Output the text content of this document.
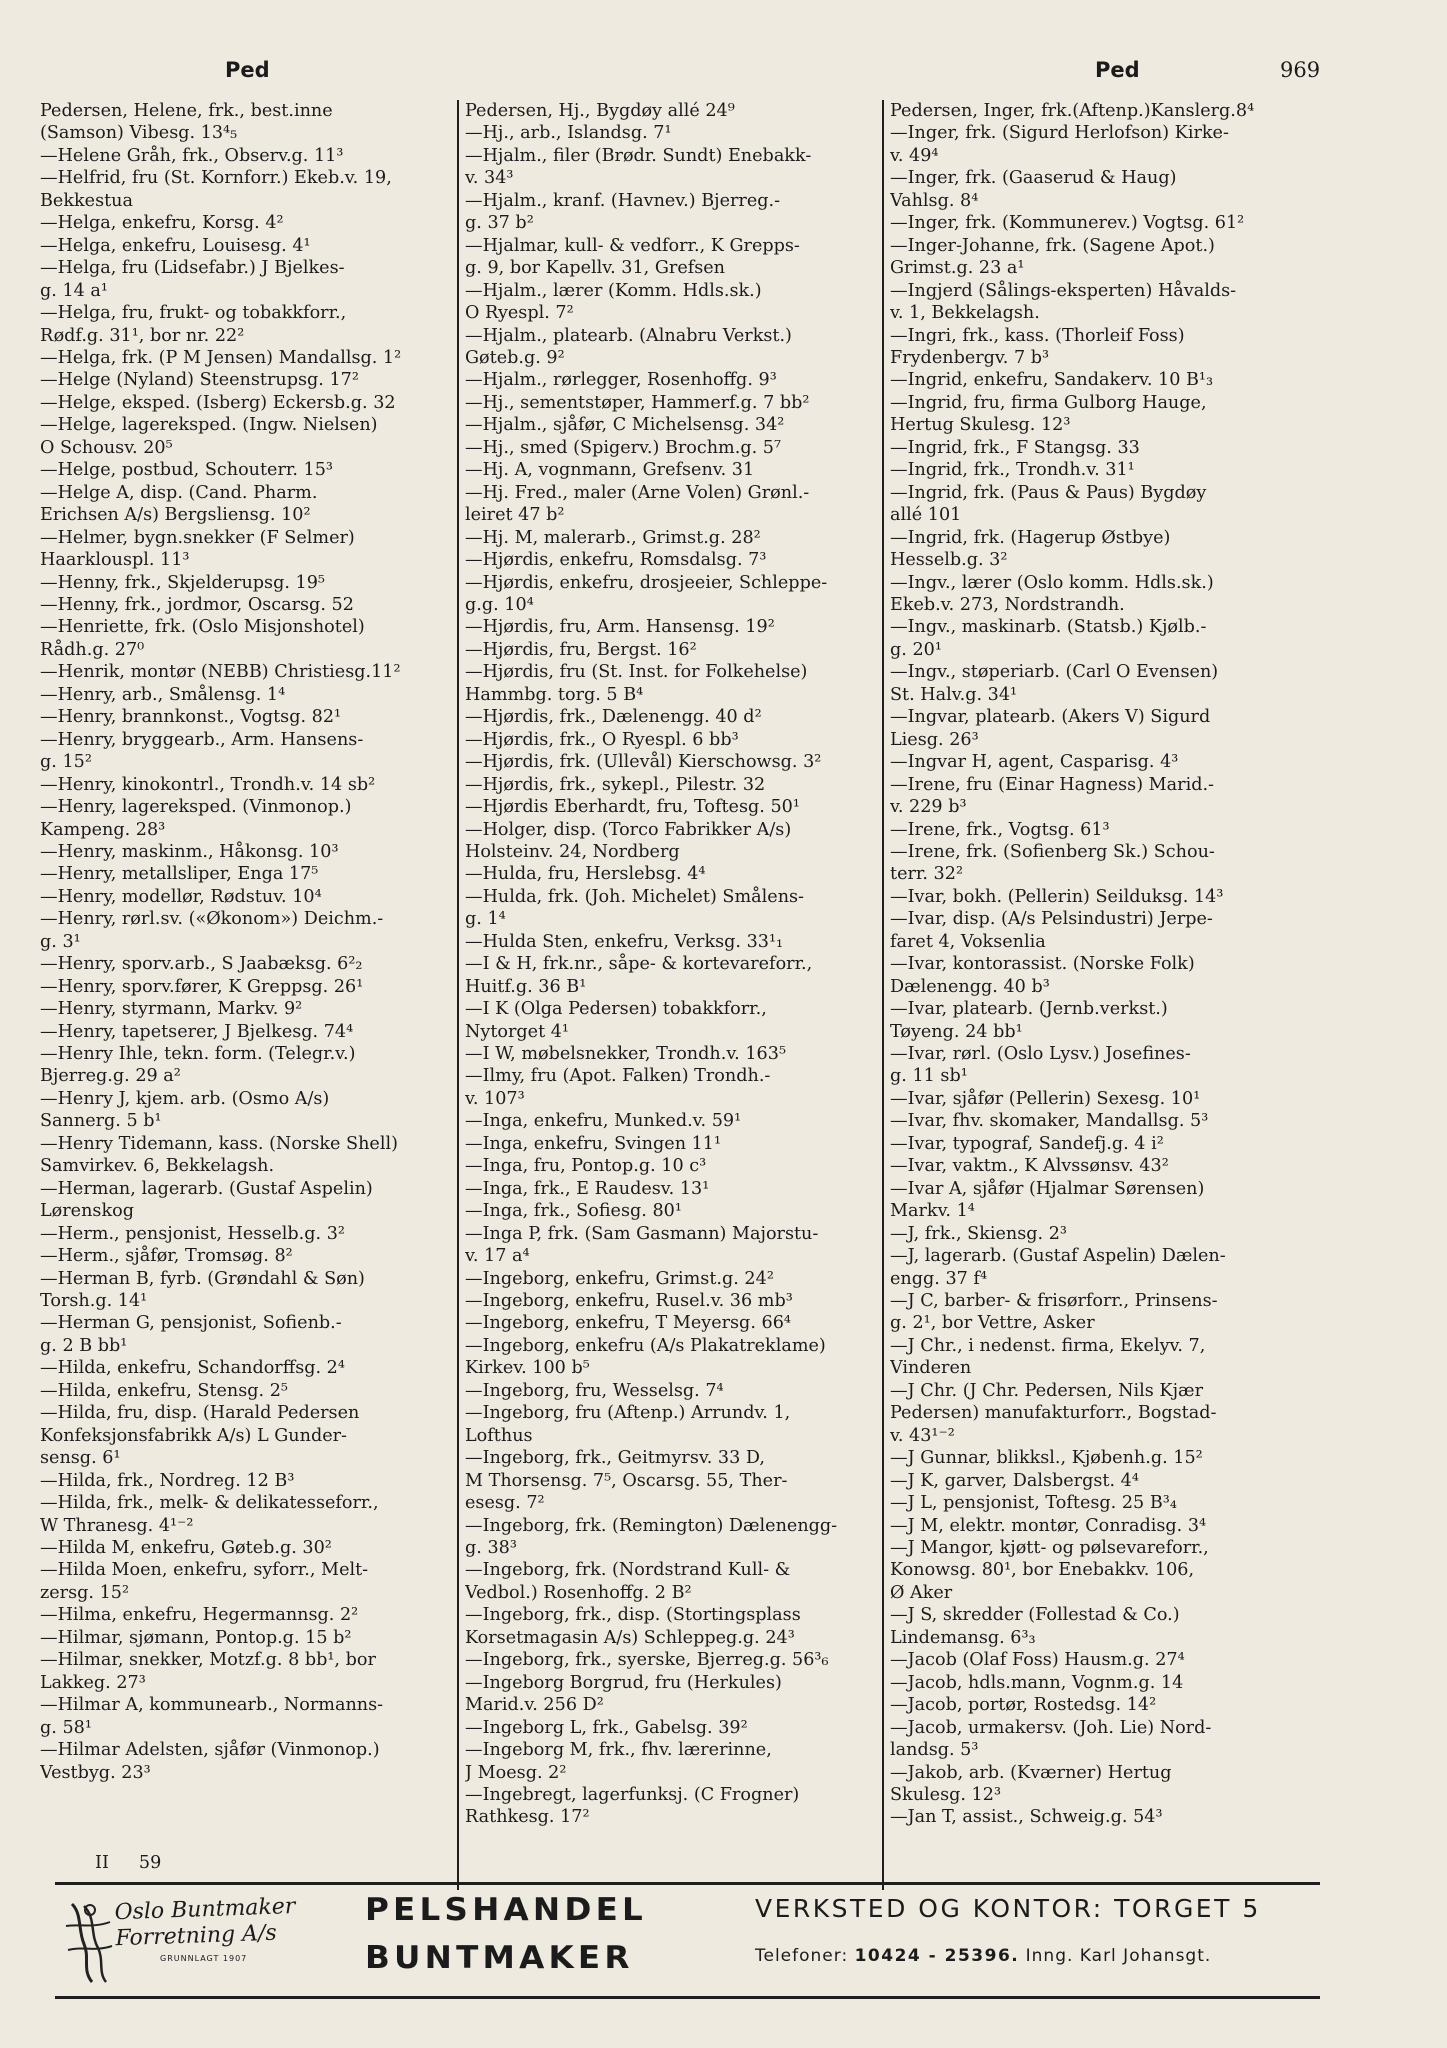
Ped	Ped	969
Pedersen, Helene, frk., best.inne
(Samson) Vibesg. 13⁴₅
—Helene Gråh, frk., Observ.g. 11³
—Helfrid, fru (St. Kornforr.) Ekeb.v. 19,
Bekkestua
—Helga, enkefru, Korsg. 4²
—Helga, enkefru, Louisesg. 4¹
—Helga, fru (Lidsefabr.) J Bjelkes-
g. 14 a¹
—Helga, fru, frukt- og tobakkforr.,
Rødf.g. 31¹, bor nr. 22²
—Helga, frk. (P M Jensen) Mandallsg. 1²
—Helge (Nyland) Steenstrupsg. 17²
—Helge, eksped. (Isberg) Eckersb.g. 32
—Helge, lagereksped. (Ingw. Nielsen)
O Schousv. 20⁵
—Helge, postbud, Schouterr. 15³
—Helge A, disp. (Cand. Pharm.
Erichsen A/s) Bergsliensg. 10²
—Helmer, bygn.snekker (F Selmer)
Haarklouspl. 11³
—Henny, frk., Skjelderupsg. 19⁵
—Henny, frk., jordmor, Oscarsg. 52
—Henriette, frk. (Oslo Misjonshotel)
Rådh.g. 27⁰
—Henrik, montør (NEBB) Christiesg.11²
—Henry, arb., Smålensg. 1⁴
—Henry, brannkonst., Vogtsg. 82¹
—Henry, bryggearb., Arm. Hansens-
g. 15²
—Henry, kinokontrl., Trondh.v. 14 sb²
—Henry, lagereksped. (Vinmonop.)
Kampeng. 28³
—Henry, maskinm., Håkonsg. 10³
—Henry, metallsliper, Enga 17⁵
—Henry, modellør, Rødstuv. 10⁴
—Henry, rørl.sv. («Økonom») Deichm.-
g. 3¹
—Henry, sporv.arb., S Jaabæksg. 6²₂
—Henry, sporv.fører, K Greppsg. 26¹
—Henry, styrmann, Markv. 9²
—Henry, tapetserer, J Bjelkesg. 74⁴
—Henry Ihle, tekn. form. (Telegr.v.)
Bjerreg.g. 29 a²
—Henry J, kjem. arb. (Osmo A/s)
Sannerg. 5 b¹
—Henry Tidemann, kass. (Norske Shell)
Samvirkev. 6, Bekkelagsh.
—Herman, lagerarb. (Gustaf Aspelin)
Lørenskog
—Herm., pensjonist, Hesselb.g. 3²
—Herm., sjåfør, Tromsøg. 8²
—Herman B, fyrb. (Grøndahl & Søn)
Torsh.g. 14¹
—Herman G, pensjonist, Sofienb.-
g. 2 B bb¹
—Hilda, enkefru, Schandorffsg. 2⁴
—Hilda, enkefru, Stensg. 2⁵
—Hilda, fru, disp. (Harald Pedersen
Konfeksjonsfabrikk A/s) L Gunder-
sensg. 6¹
—Hilda, frk., Nordreg. 12 B³
—Hilda, frk., melk- & delikatesseforr.,
W Thranesg. 4¹⁻²
—Hilda M, enkefru, Gøteb.g. 30²
—Hilda Moen, enkefru, syforr., Melt-
zersg. 15²
—Hilma, enkefru, Hegermannsg. 2²
—Hilmar, sjømann, Pontop.g. 15 b²
—Hilmar, snekker, Motzf.g. 8 bb¹, bor
Lakkeg. 27³
—Hilmar A, kommunearb., Normanns-
g. 58¹
—Hilmar Adelsten, sjåfør (Vinmonop.)
Vestbyg. 23³
Pedersen, Hj., Bygdøy allé 24⁹
—Hj., arb., Islandsg. 7¹
—Hjalm., filer (Brødr. Sundt) Enebakk-
v. 34³
—Hjalm., kranf. (Havnev.) Bjerreg.-
g. 37 b²
—Hjalmar, kull- & vedforr., K Grepps-
g. 9, bor Kapellv. 31, Grefsen
—Hjalm., lærer (Komm. Hdls.sk.)
O Ryespl. 7²
—Hjalm., platearb. (Alnabru Verkst.)
Gøteb.g. 9²
—Hjalm., rørlegger, Rosenhoffg. 9³
—Hj., sementstøper, Hammerf.g. 7 bb²
—Hjalm., sjåfør, C Michelsensg. 34²
—Hj., smed (Spigerv.) Brochm.g. 5⁷
—Hj. A, vognmann, Grefsenv. 31
—Hj. Fred., maler (Arne Volen) Grønl.-
leiret 47 b²
—Hj. M, malerarb., Grimst.g. 28²
—Hjørdis, enkefru, Romsdalsg. 7³
—Hjørdis, enkefru, drosjeeier, Schleppe-
g.g. 10⁴
—Hjørdis, fru, Arm. Hansensg. 19²
—Hjørdis, fru, Bergst. 16²
—Hjørdis, fru (St. Inst. for Folkehelse)
Hammbg. torg. 5 B⁴
—Hjørdis, frk., Dælenengg. 40 d²
—Hjørdis, frk., O Ryespl. 6 bb³
—Hjørdis, frk. (Ullevål) Kierschowsg. 3²
—Hjørdis, frk., sykepl., Pilestr. 32
—Hjørdis Eberhardt, fru, Toftesg. 50¹
—Holger, disp. (Torco Fabrikker A/s)
Holsteinv. 24, Nordberg
—Hulda, fru, Herslebsg. 4⁴
—Hulda, frk. (Joh. Michelet) Smålens-
g. 1⁴
—Hulda Sten, enkefru, Verksg. 33¹₁
—I & H, frk.nr., såpe- & kortevareforr.,
Huitf.g. 36 B¹
—I K (Olga Pedersen) tobakkforr.,
Nytorget 4¹
—I W, møbelsnekker, Trondh.v. 163⁵
—Ilmy, fru (Apot. Falken) Trondh.-
v. 107³
—Inga, enkefru, Munked.v. 59¹
—Inga, enkefru, Svingen 11¹
—Inga, fru, Pontop.g. 10 c³
—Inga, frk., E Raudesv. 13¹
—Inga, frk., Sofiesg. 80¹
—Inga P, frk. (Sam Gasmann) Majorstu-
v. 17 a⁴
—Ingeborg, enkefru, Grimst.g. 24²
—Ingeborg, enkefru, Rusel.v. 36 mb³
—Ingeborg, enkefru, T Meyersg. 66⁴
—Ingeborg, enkefru (A/s Plakatreklame)
Kirkev. 100 b⁵
—Ingeborg, fru, Wesselsg. 7⁴
—Ingeborg, fru (Aftenp.) Arrundv. 1,
Lofthus
—Ingeborg, frk., Geitmyrsv. 33 D,
M Thorsensg. 7⁵, Oscarsg. 55, Ther-
esesg. 7²
—Ingeborg, frk. (Remington) Dælenengg-
g. 38³
—Ingeborg, frk. (Nordstrand Kull- &
Vedbol.) Rosenhoffg. 2 B²
—Ingeborg, frk., disp. (Stortingsplass
Korsetmagasin A/s) Schleppeg.g. 24³
—Ingeborg, frk., syerske, Bjerreg.g. 56³₆
—Ingeborg Borgrud, fru (Herkules)
Marid.v. 256 D²
—Ingeborg L, frk., Gabelsg. 39²
—Ingeborg M, frk., fhv. lærerinne,
J Moesg. 2²
—Ingebregt, lagerfunksj. (C Frogner)
Rathkesg. 17²
Pedersen, Inger, frk.(Aftenp.)Kanslerg.8⁴
—Inger, frk. (Sigurd Herlofson) Kirke-
v. 49⁴
—Inger, frk. (Gaaserud & Haug)
Vahlsg. 8⁴
—Inger, frk. (Kommunerev.) Vogtsg. 61²
—Inger-Johanne, frk. (Sagene Apot.)
Grimst.g. 23 a¹
—Ingjerd (Sålings-eksperten) Håvalds-
v. 1, Bekkelagsh.
—Ingri, frk., kass. (Thorleif Foss)
Frydenbergv. 7 b³
—Ingrid, enkefru, Sandakerv. 10 B¹₃
—Ingrid, fru, firma Gulborg Hauge,
Hertug Skulesg. 12³
—Ingrid, frk., F Stangsg. 33
—Ingrid, frk., Trondh.v. 31¹
—Ingrid, frk. (Paus & Paus) Bygdøy
allé 101
—Ingrid, frk. (Hagerup Østbye)
Hesselb.g. 3²
—Ingv., lærer (Oslo komm. Hdls.sk.)
Ekeb.v. 273, Nordstrandh.
—Ingv., maskinarb. (Statsb.) Kjølb.-
g. 20¹
—Ingv., støperiarb. (Carl O Evensen)
St. Halv.g. 34¹
—Ingvar, platearb. (Akers V) Sigurd
Liesg. 26³
—Ingvar H, agent, Casparisg. 4³
—Irene, fru (Einar Hagness) Marid.-
v. 229 b³
—Irene, frk., Vogtsg. 61³
—Irene, frk. (Sofienberg Sk.) Schou-
terr. 32²
—Ivar, bokh. (Pellerin) Seilduksg. 14³
—Ivar, disp. (A/s Pelsindustri) Jerpe-
faret 4, Voksenlia
—Ivar, kontorassist. (Norske Folk)
Dælenengg. 40 b³
—Ivar, platearb. (Jernb.verkst.)
Tøyeng. 24 bb¹
—Ivar, rørl. (Oslo Lysv.) Josefines-
g. 11 sb¹
—Ivar, sjåfør (Pellerin) Sexesg. 10¹
—Ivar, fhv. skomaker, Mandallsg. 5³
—Ivar, typograf, Sandefj.g. 4 i²
—Ivar, vaktm., K Alvssønsv. 43²
—Ivar A, sjåfør (Hjalmar Sørensen)
Markv. 1⁴
—J, frk., Skiensg. 2³
—J, lagerarb. (Gustaf Aspelin) Dælen-
engg. 37 f⁴
—J C, barber- & frisørforr., Prinsens-
g. 2¹, bor Vettre, Asker
—J Chr., i nedenst. firma, Ekelyv. 7,
Vinderen
—J Chr. (J Chr. Pedersen, Nils Kjær
Pedersen) manufakturforr., Bogstad-
v. 43¹⁻²
—J Gunnar, blikksl., Kjøbenh.g. 15²
—J K, garver, Dalsbergst. 4⁴
—J L, pensjonist, Toftesg. 25 B³₄
—J M, elektr. montør, Conradisg. 3⁴
—J Mangor, kjøtt- og pølsevareforr.,
Konowsg. 80¹, bor Enebakkv. 106,
Ø Aker
—J S, skredder (Follestad & Co.)
Lindemansg. 6³₃
—Jacob (Olaf Foss) Hausm.g. 27⁴
—Jacob, hdls.mann, Vognm.g. 14
—Jacob, portør, Rostedsg. 14²
—Jacob, urmakersv. (Joh. Lie) Nord-
landsg. 5³
—Jakob, arb. (Kværner) Hertug
Skulesg. 12³
—Jan T, assist., Schweig.g. 54³
II 59
Oslo Buntmaker Forretning A/s
GRUNNLAGT 1907
PELSHANDEL
BUNTMAKER
VERKSTED OG KONTOR: TORGET 5
Telefoner: 10424 - 25396. Inng. Karl Johansgt.
